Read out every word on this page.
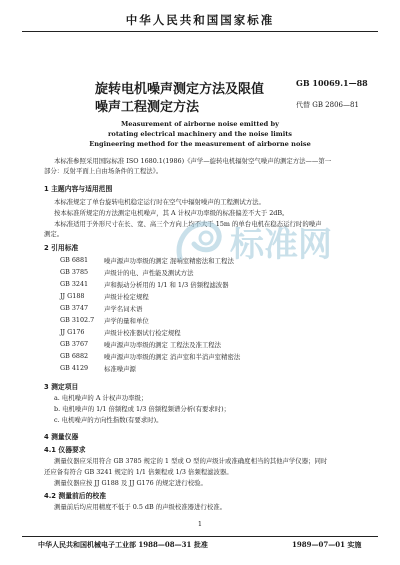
中华人民共和国国家标准
旋转电机噪声测定方法及限值
噪声工程测定方法
GB 10069.1—88
代替 GB 2806—81
Measurement of airborne noise emitted by
rotating electrical machinery and the noise limits
Engineering method for the measurement of airborne noise
本标准参照采用国际标准 ISO 1680.1(1986)《声学—旋转电机辐射空气噪声的测定方法——第一
部分：反射平面上自由场条件的工程法》。
1 主题内容与适用范围
本标准规定了单台旋转电机稳定运行时在空气中辐射噪声的工程测试方法。
按本标准所规定的方法测定电机噪声，其 A 计权声功率级的标准偏差不大于 2dB。
本标准适用于外形尺寸在长、宽、高三个方向上均不大于 15m 的单台电机在稳态运行时的噪声
测定。
2 引用标准
GB 6881	噪声源声功率级的测定 混响室精密法和工程法
GB 3785	声级计的电、声性能及测试方法
GB 3241	声和振动分析用的 1/1 和 1/3 倍频程滤波器
JJ G188	声级计检定规程
GB 3747	声学名词术语
GB 3102.7	声学的量和单位
JJ G176	声级计校准器试行检定规程
GB 3767	噪声源声功率级的测定 工程法及准工程法
GB 6882	噪声源声功率级的测定 消声室和半消声室精密法
GB 4129	标准噪声源
3 测定项目
a. 电机噪声的 A 计权声功率级；
b. 电机噪声的 1/1 倍频程或 1/3 倍频程频谱分析(有要求时)；
c. 电机噪声的方向性指数(有要求时)。
4 测量仪器
4.1 仪器要求
测量仪器应采用符合 GB 3785 规定的 1 型或 O 型的声级计或准确度相当的其他声学仪器；同时
还应备有符合 GB 3241 规定的 1/1 倍频程或 1/3 倍频程滤波器。
测量仪器应按 JJ G188 及 JJ G176 的规定进行校验。
4.2 测量前后的校准
测量前后均应用精度不低于 0.5 dB 的声级校准器进行校准。
1
中华人民共和国机械电子工业部 1988—08—31 批准	1989—07—01 实施
标准网
